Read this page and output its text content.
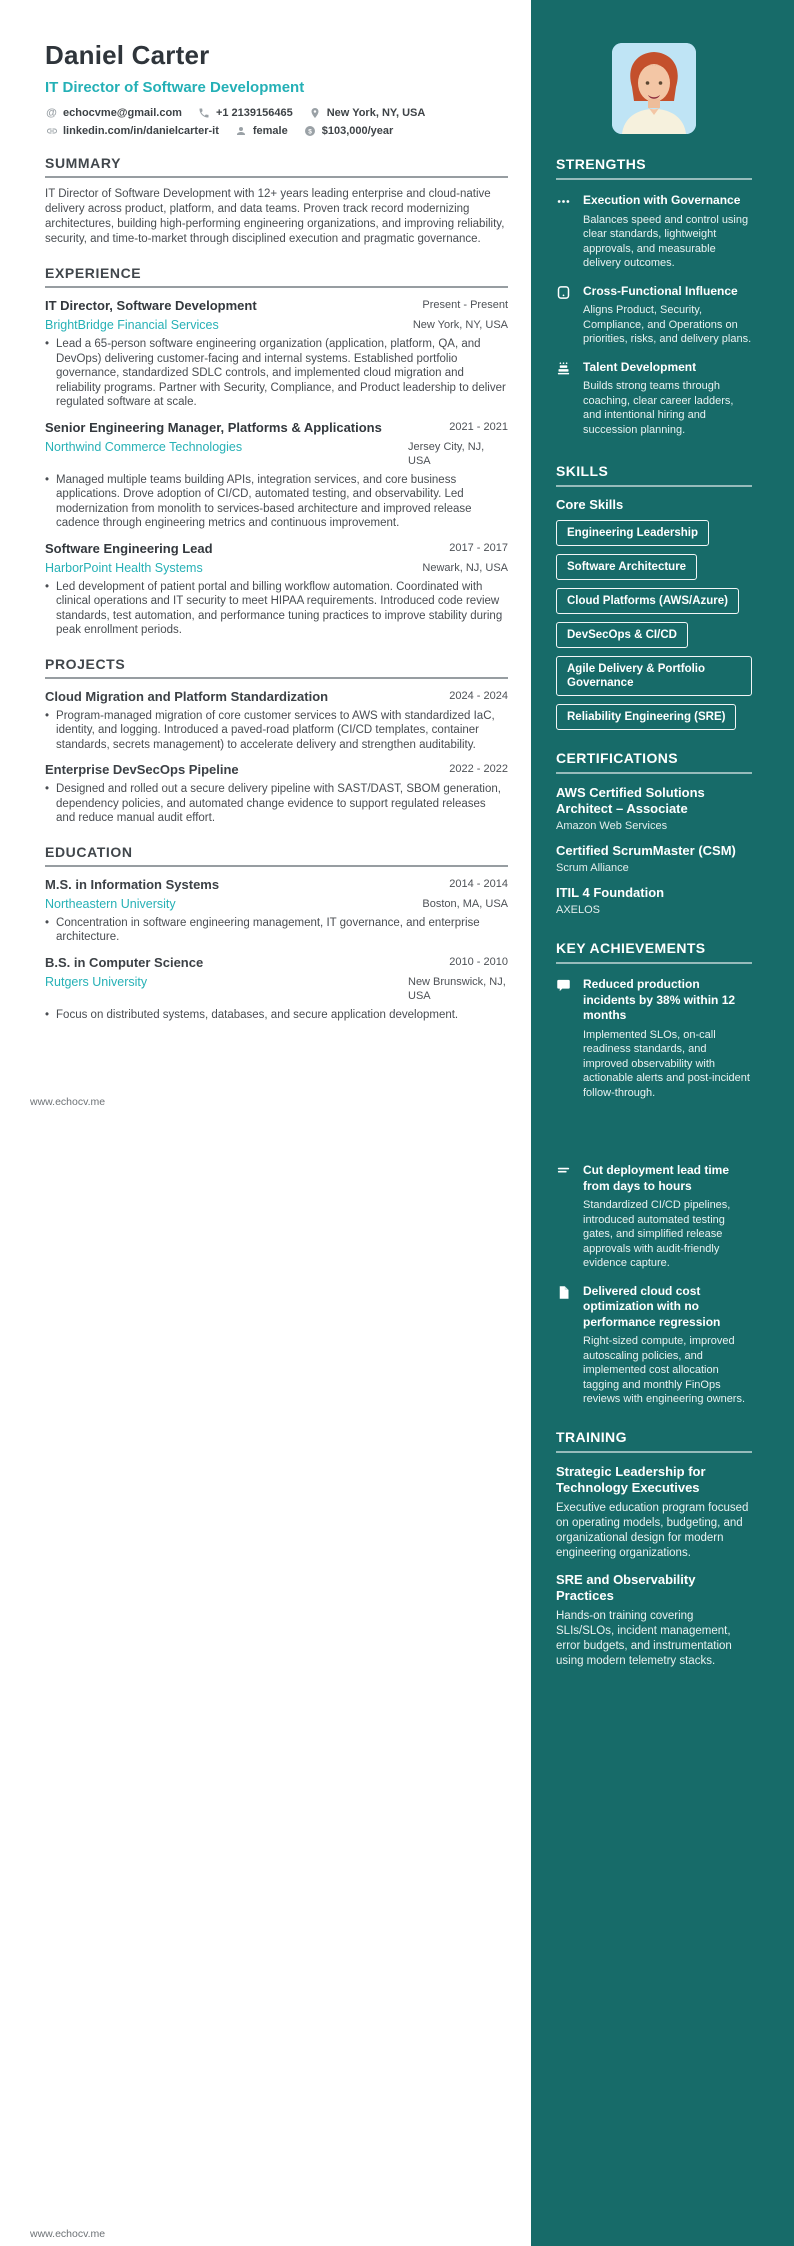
Daniel Carter
IT Director of Software Development
@ echocvme@gmail.com	+1 2139156465	New York, NY, USA
linkedin.com/in/danielcarter-it	female $ $103,000/year
SUMMARY
IT Director of Software Development with 12+ years leading enterprise and cloud-native delivery across product, platform, and data teams. Proven track record modernizing architectures, building high-performing engineering organizations, and improving reliability, security, and time-to-market through disciplined execution and pragmatic governance.
EXPERIENCE
IT Director, Software Development	Present - Present
BrightBridge Financial Services	New York, NY, USA
• Lead a 65-person software engineering organization (application, platform, QA, and DevOps) delivering customer-facing and internal systems. Established portfolio governance, standardized SDLC controls, and implemented cloud migration and reliability programs. Partner with Security, Compliance, and Product leadership to deliver regulated software at scale.
Senior Engineering Manager, Platforms & Applications	2021 - 2021
Northwind Commerce Technologies	Jersey City, NJ, USA
• Managed multiple teams building APIs, integration services, and core business applications. Drove adoption of CI/CD, automated testing, and observability. Led modernization from monolith to services-based architecture and improved release cadence through engineering metrics and continuous improvement.
Software Engineering Lead	2017 - 2017
HarborPoint Health Systems	Newark, NJ, USA
• Led development of patient portal and billing workflow automation. Coordinated with clinical operations and IT security to meet HIPAA requirements. Introduced code review standards, test automation, and performance tuning practices to improve stability during peak enrollment periods.
PROJECTS
Cloud Migration and Platform Standardization	2024 - 2024
• Program-managed migration of core customer services to AWS with standardized IaC, identity, and logging. Introduced a paved-road platform (CI/CD templates, container standards, secrets management) to accelerate delivery and strengthen auditability.
Enterprise DevSecOps Pipeline	2022 - 2022
• Designed and rolled out a secure delivery pipeline with SAST/DAST, SBOM generation, dependency policies, and automated change evidence to support regulated releases and reduce manual audit effort.
EDUCATION
M.S. in Information Systems	2014 - 2014
Northeastern University	Boston, MA, USA
• Concentration in software engineering management, IT governance, and enterprise architecture.
B.S. in Computer Science	2010 - 2010
Rutgers University	New Brunswick, NJ, USA
• Focus on distributed systems, databases, and secure application development.
www.echocv.me
www.echocv.me
STRENGTHS
Execution with Governance
Balances speed and control using clear standards, lightweight approvals, and measurable delivery outcomes.
Cross-Functional Influence
Aligns Product, Security, Compliance, and Operations on priorities, risks, and delivery plans.
Talent Development
Builds strong teams through coaching, clear career ladders, and intentional hiring and succession planning.
SKILLS
Core Skills
Engineering Leadership
Software Architecture
Cloud Platforms (AWS/Azure)
DevSecOps & CI/CD
Agile Delivery & Portfolio Governance
Reliability Engineering (SRE)
CERTIFICATIONS
AWS Certified Solutions Architect – Associate
Amazon Web Services
Certified ScrumMaster (CSM)
Scrum Alliance
ITIL 4 Foundation
AXELOS
KEY ACHIEVEMENTS
Reduced production incidents by 38% within 12 months
Implemented SLOs, on-call readiness standards, and improved observability with actionable alerts and post-incident follow-through.
Cut deployment lead time from days to hours
Standardized CI/CD pipelines, introduced automated testing gates, and simplified release approvals with audit-friendly evidence capture.
Delivered cloud cost optimization with no performance regression
Right-sized compute, improved autoscaling policies, and implemented cost allocation tagging and monthly FinOps reviews with engineering owners.
TRAINING
Strategic Leadership for Technology Executives
Executive education program focused on operating models, budgeting, and organizational design for modern engineering organizations.
SRE and Observability Practices
Hands-on training covering SLIs/SLOs, incident management, error budgets, and instrumentation using modern telemetry stacks.
